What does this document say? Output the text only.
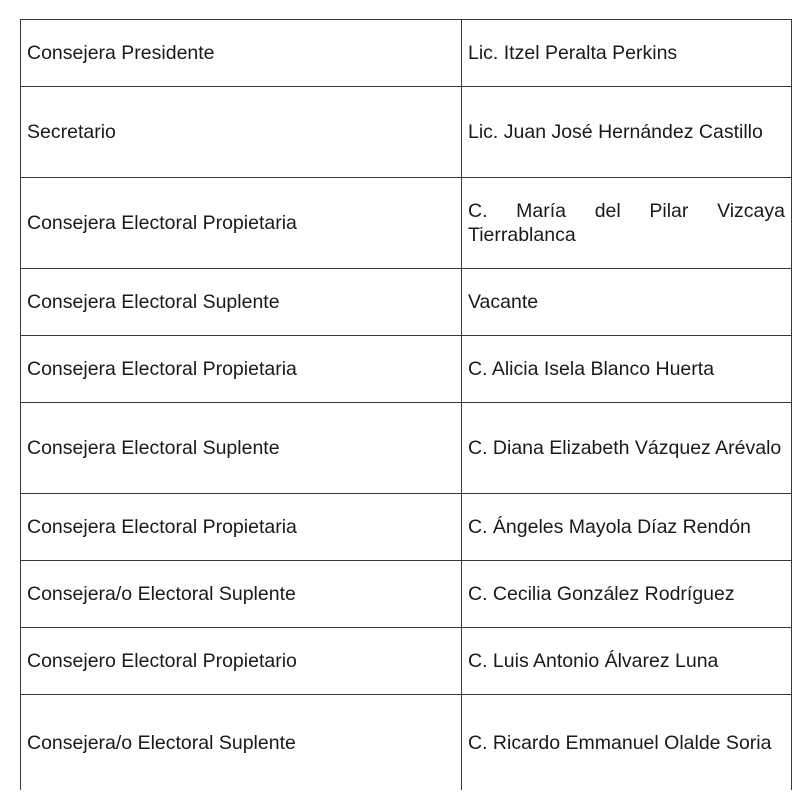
Consejera Presidente	Lic. Itzel Peralta Perkins
Secretario	Lic. Juan José Hernández Castillo
Consejera Electoral Propietaria	C. María del Pilar Vizcaya Tierrablanca
Consejera Electoral Suplente	Vacante
Consejera Electoral Propietaria	C. Alicia Isela Blanco Huerta
Consejera Electoral Suplente	C. Diana Elizabeth Vázquez Arévalo
Consejera Electoral Propietaria	C. Ángeles Mayola Díaz Rendón
Consejera/o Electoral Suplente	C. Cecilia González Rodríguez
Consejero Electoral Propietario	C. Luis Antonio Álvarez Luna
Consejera/o Electoral Suplente	C. Ricardo Emmanuel Olalde Soria
